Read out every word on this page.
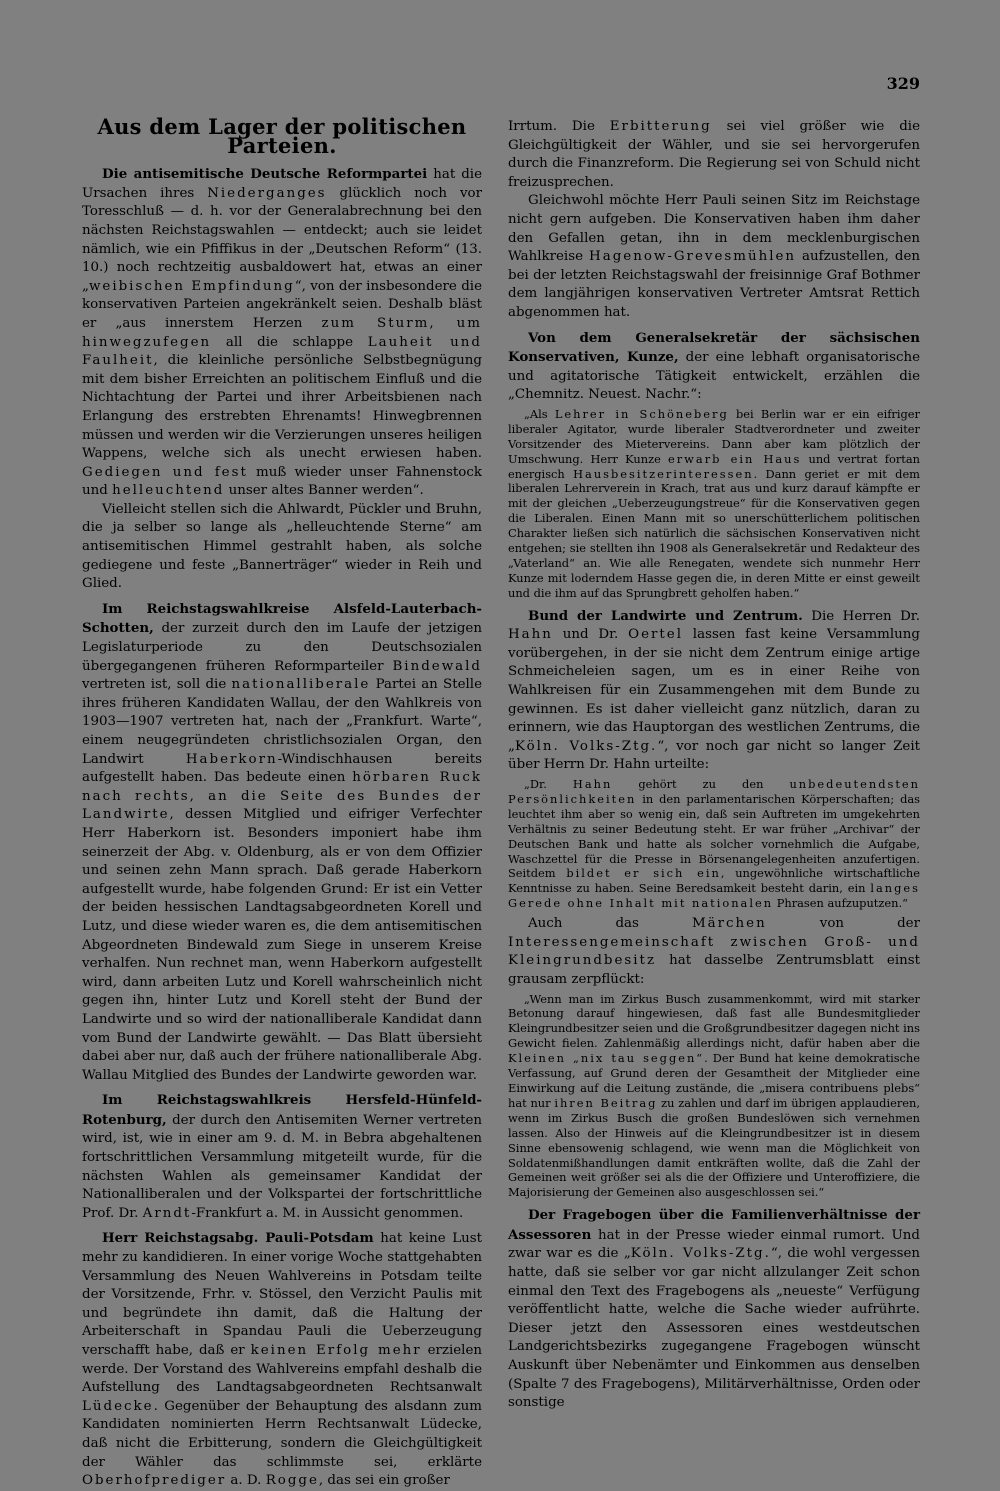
329
Aus dem Lager der politischen Parteien.

Die antisemitische Deutsche Reformpartei hat die Ursachen ihres Niederganges glücklich noch vor Toresschluß — d. h. vor der Generalabrechnung bei den nächsten Reichstagswahlen — entdeckt; auch sie leidet nämlich, wie ein Pfiffikus in der „Deutschen Reform“ (13. 10.) noch rechtzeitig ausbaldowert hat, etwas an einer „weibischen Empfindung“, von der insbesondere die konservativen Parteien angekränkelt seien. Deshalb bläst er „aus innerstem Herzen zum Sturm, um hinwegzufegen all die schlappe Lauheit und Faulheit, die kleinliche persönliche Selbstbegnügung mit dem bisher Erreichten an politischem Einfluß und die Nichtachtung der Partei und ihrer Arbeitsbienen nach Erlangung des erstrebten Ehrenamts! Hinwegbrennen müssen und werden wir die Verzierungen unseres heiligen Wappens, welche sich als unecht erwiesen haben. Gediegen und fest muß wieder unser Fahnenstock und helleuchtend unser altes Banner werden“.

Vielleicht stellen sich die Ahlwardt, Pückler und Bruhn, die ja selber so lange als „helleuchtende Sterne“ am antisemitischen Himmel gestrahlt haben, als solche gediegene und feste „Bannerträger“ wieder in Reih und Glied.

Im Reichstagswahlkreise Alsfeld-Lauterbach-Schotten, der zurzeit durch den im Laufe der jetzigen Legislaturperiode zu den Deutschsozialen übergegangenen früheren Reformparteiler Bindewald vertreten ist, soll die nationalliberale Partei an Stelle ihres früheren Kandidaten Wallau, der den Wahlkreis von 1903—1907 vertreten hat, nach der „Frankfurt. Warte“, einem neugegründeten christlichsozialen Organ, den Landwirt Haberkorn-Windischhausen bereits aufgestellt haben. Das bedeute einen hörbaren Ruck nach rechts, an die Seite des Bundes der Landwirte, dessen Mitglied und eifriger Verfechter Herr Haberkorn ist. Besonders imponiert habe ihm seinerzeit der Abg. v. Oldenburg, als er von dem Offizier und seinen zehn Mann sprach. Daß gerade Haberkorn aufgestellt wurde, habe folgenden Grund: Er ist ein Vetter der beiden hessischen Landtagsabgeordneten Korell und Lutz, und diese wieder waren es, die dem antisemitischen Abgeordneten Bindewald zum Siege in unserem Kreise verhalfen. Nun rechnet man, wenn Haberkorn aufgestellt wird, dann arbeiten Lutz und Korell wahrscheinlich nicht gegen ihn, hinter Lutz und Korell steht der Bund der Landwirte und so wird der nationalliberale Kandidat dann vom Bund der Landwirte gewählt. — Das Blatt übersieht dabei aber nur, daß auch der frühere nationalliberale Abg. Wallau Mitglied des Bundes der Landwirte geworden war.

Im Reichstagswahlkreis Hersfeld-Hünfeld-Rotenburg, der durch den Antisemiten Werner vertreten wird, ist, wie in einer am 9. d. M. in Bebra abgehaltenen fortschrittlichen Versammlung mitgeteilt wurde, für die nächsten Wahlen als gemeinsamer Kandidat der Nationalliberalen und der Volkspartei der fortschrittliche Prof. Dr. Arndt-Frankfurt a. M. in Aussicht genommen.

Herr Reichstagsabg. Pauli-Potsdam hat keine Lust mehr zu kandidieren. In einer vorige Woche stattgehabten Versammlung des Neuen Wahlvereins in Potsdam teilte der Vorsitzende, Frhr. v. Stössel, den Verzicht Paulis mit und begründete ihn damit, daß die Haltung der Arbeiterschaft in Spandau Pauli die Ueberzeugung verschafft habe, daß er keinen Erfolg mehr erzielen werde. Der Vorstand des Wahlvereins empfahl deshalb die Aufstellung des Landtagsabgeordneten Rechtsanwalt Lüdecke. Gegenüber der Behauptung des alsdann zum Kandidaten nominierten Herrn Rechtsanwalt Lüdecke, daß nicht die Erbitterung, sondern die Gleichgültigkeit der Wähler das schlimmste sei, erklärte Oberhofprediger a. D. Rogge, das sei ein großer

Irrtum. Die Erbitterung sei viel größer wie die Gleichgültigkeit der Wähler, und sie sei hervorgerufen durch die Finanzreform. Die Regierung sei von Schuld nicht freizusprechen.

Gleichwohl möchte Herr Pauli seinen Sitz im Reichstage nicht gern aufgeben. Die Konservativen haben ihm daher den Gefallen getan, ihn in dem mecklenburgischen Wahlkreise Hagenow-Grevesmühlen aufzustellen, den bei der letzten Reichstagswahl der freisinnige Graf Bothmer dem langjährigen konservativen Vertreter Amtsrat Rettich abgenommen hat.

Von dem Generalsekretär der sächsischen Konservativen, Kunze, der eine lebhaft organisatorische und agitatorische Tätigkeit entwickelt, erzählen die „Chemnitz. Neuest. Nachr.“:

„Als Lehrer in Schöneberg bei Berlin war er ein eifriger liberaler Agitator, wurde liberaler Stadtverordneter und zweiter Vorsitzender des Mietervereins. Dann aber kam plötzlich der Umschwung. Herr Kunze erwarb ein Haus und vertrat fortan energisch Hausbesitzerinteressen. Dann geriet er mit dem liberalen Lehrerverein in Krach, trat aus und kurz darauf kämpfte er mit der gleichen „Ueberzeugungstreue“ für die Konservativen gegen die Liberalen. Einen Mann mit so unerschütterlichem politischen Charakter ließen sich natürlich die sächsischen Konservativen nicht entgehen; sie stellten ihn 1908 als Generalsekretär und Redakteur des „Vaterland“ an. Wie alle Renegaten, wendete sich nunmehr Herr Kunze mit loderndem Hasse gegen die, in deren Mitte er einst geweilt und die ihm auf das Sprungbrett geholfen haben.“

Bund der Landwirte und Zentrum. Die Herren Dr. Hahn und Dr. Oertel lassen fast keine Versammlung vorübergehen, in der sie nicht dem Zentrum einige artige Schmeicheleien sagen, um es in einer Reihe von Wahlkreisen für ein Zusammengehen mit dem Bunde zu gewinnen. Es ist daher vielleicht ganz nützlich, daran zu erinnern, wie das Hauptorgan des westlichen Zentrums, die „Köln. Volks-Ztg.“, vor noch gar nicht so langer Zeit über Herrn Dr. Hahn urteilte:

„Dr. Hahn gehört zu den unbedeutendsten Persönlichkeiten in den parlamentarischen Körperschaften; das leuchtet ihm aber so wenig ein, daß sein Auftreten im umgekehrten Verhältnis zu seiner Bedeutung steht. Er war früher „Archivar“ der Deutschen Bank und hatte als solcher vornehmlich die Aufgabe, Waschzettel für die Presse in Börsenangelegenheiten anzufertigen. Seitdem bildet er sich ein, ungewöhnliche wirtschaftliche Kenntnisse zu haben. Seine Beredsamkeit besteht darin, ein langes Gerede ohne Inhalt mit nationalen Phrasen aufzuputzen.“

Auch das Märchen von der Interessengemeinschaft zwischen Groß- und Kleingrundbesitz hat dasselbe Zentrumsblatt einst grausam zerpflückt:

„Wenn man im Zirkus Busch zusammenkommt, wird mit starker Betonung darauf hingewiesen, daß fast alle Bundesmitglieder Kleingrundbesitzer seien und die Großgrundbesitzer dagegen nicht ins Gewicht fielen. Zahlenmäßig allerdings nicht, dafür haben aber die Kleinen „nix tau seggen“. Der Bund hat keine demokratische Verfassung, auf Grund deren der Gesamtheit der Mitglieder eine Einwirkung auf die Leitung zustände, die „misera contribuens plebs“ hat nur ihren Beitrag zu zahlen und darf im übrigen applaudieren, wenn im Zirkus Busch die großen Bundeslöwen sich vernehmen lassen. Also der Hinweis auf die Kleingrundbesitzer ist in diesem Sinne ebensowenig schlagend, wie wenn man die Möglichkeit von Soldatenmißhandlungen damit entkräften wollte, daß die Zahl der Gemeinen weit größer sei als die der Offiziere und Unteroffiziere, die Majorisierung der Gemeinen also ausgeschlossen sei.“

Der Fragebogen über die Familienverhältnisse der Assessoren hat in der Presse wieder einmal rumort. Und zwar war es die „Köln. Volks-Ztg.“, die wohl vergessen hatte, daß sie selber vor gar nicht allzulanger Zeit schon einmal den Text des Fragebogens als „neueste“ Verfügung veröffentlicht hatte, welche die Sache wieder aufrührte. Dieser jetzt den Assessoren eines westdeutschen Landgerichtsbezirks zugegangene Fragebogen wünscht Auskunft über Nebenämter und Einkommen aus denselben (Spalte 7 des Fragebogens), Militärverhältnisse, Orden oder sonstige
